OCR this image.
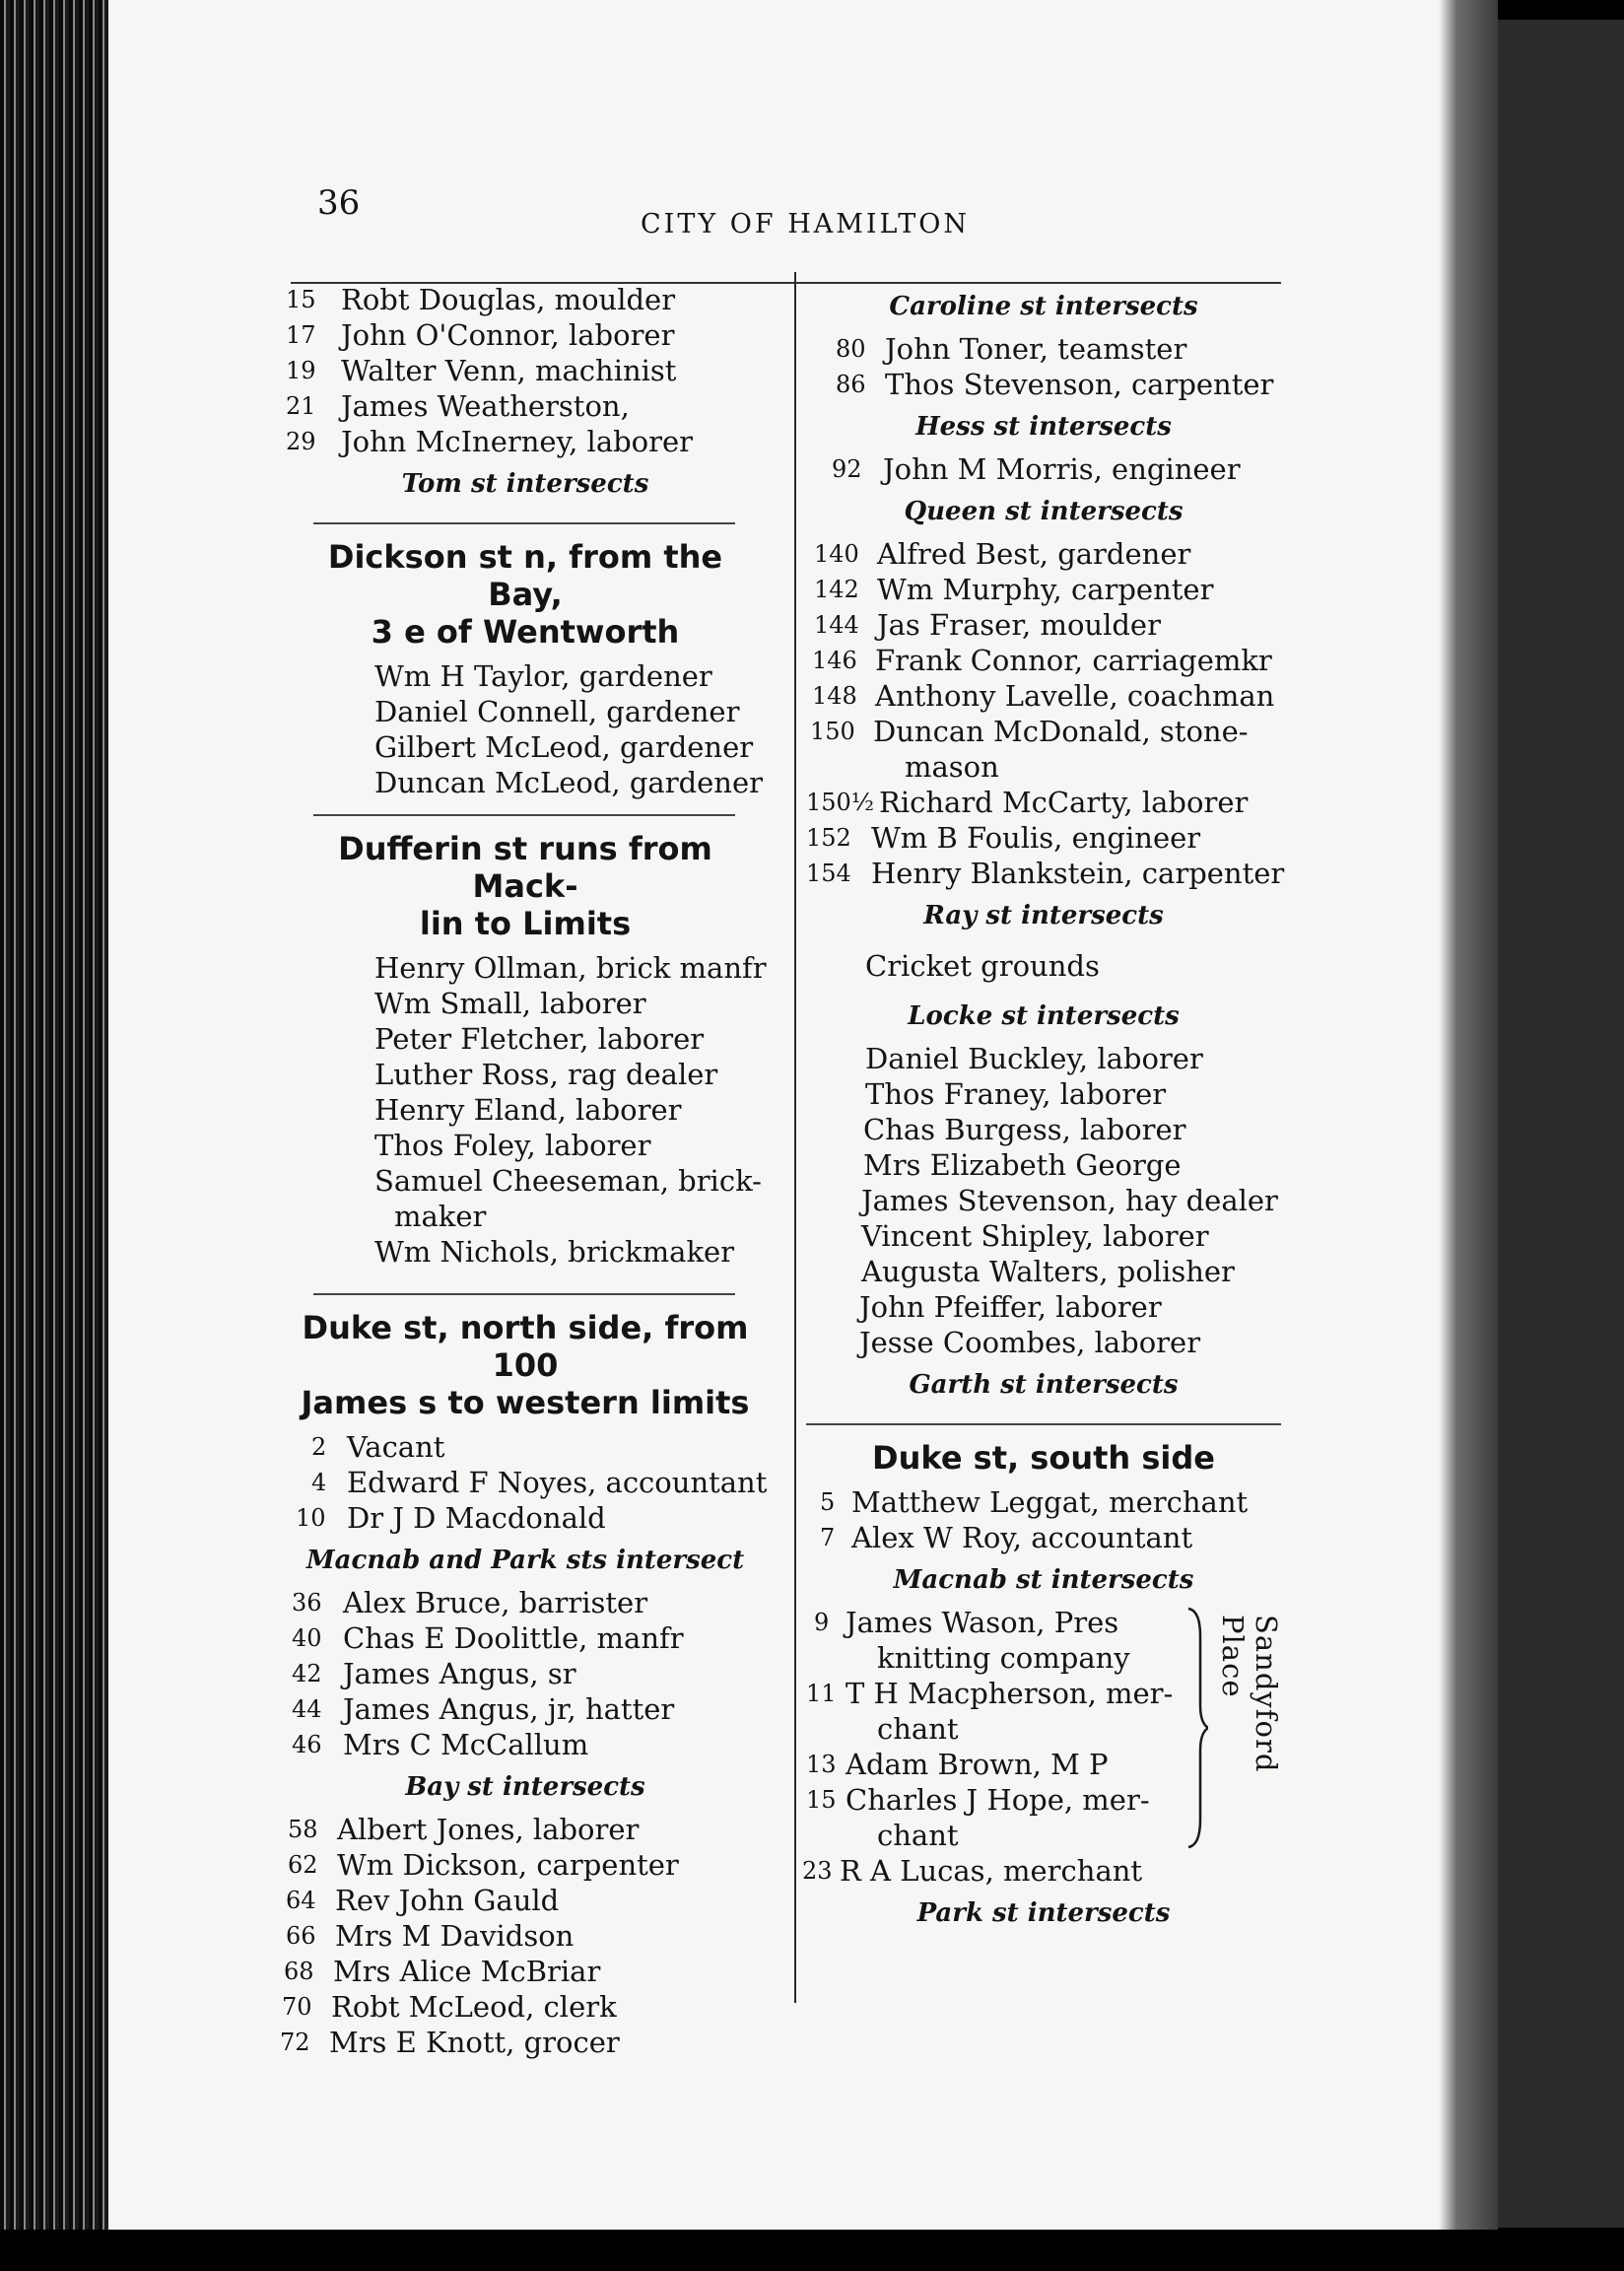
36
CITY OF HAMILTON
15 Robt Douglas, moulder
17 John O'Connor, laborer
19 Walter Venn, machinist
21 James Weatherston,
29 John McInerney, laborer
Tom st intersects
Dickson st n, from the Bay,
3 e of Wentworth
Wm H Taylor, gardener
Daniel Connell, gardener
Gilbert McLeod, gardener
Duncan McLeod, gardener
Dufferin st runs from Mack-
lin to Limits
Henry Ollman, brick manfr
Wm Small, laborer
Peter Fletcher, laborer
Luther Ross, rag dealer
Henry Eland, laborer
Thos Foley, laborer
Samuel Cheeseman, brick-
maker
Wm Nichols, brickmaker
Duke st, north side, from 100
James s to western limits
2 Vacant
4 Edward F Noyes, accountant
10 Dr J D Macdonald
Macnab and Park sts intersect
36 Alex Bruce, barrister
40 Chas E Doolittle, manfr
42 James Angus, sr
44 James Angus, jr, hatter
46 Mrs C McCallum
Bay st intersects
58 Albert Jones, laborer
62 Wm Dickson, carpenter
64 Rev John Gauld
66 Mrs M Davidson
68 Mrs Alice McBriar
70 Robt McLeod, clerk
72 Mrs E Knott, grocer
Caroline st intersects
80 John Toner, teamster
86 Thos Stevenson, carpenter
Hess st intersects
92 John M Morris, engineer
Queen st intersects
140 Alfred Best, gardener
142 Wm Murphy, carpenter
144 Jas Fraser, moulder
146 Frank Connor, carriagemkr
148 Anthony Lavelle, coachman
150 Duncan McDonald, stone-
mason
150½ Richard McCarty, laborer
152 Wm B Foulis, engineer
154 Henry Blankstein, carpenter
Ray st intersects
Cricket grounds
Locke st intersects
Daniel Buckley, laborer
Thos Franey, laborer
Chas Burgess, laborer
Mrs Elizabeth George
James Stevenson, hay dealer
Vincent Shipley, laborer
Augusta Walters, polisher
John Pfeiffer, laborer
Jesse Coombes, laborer
Garth st intersects
Duke st, south side
5 Matthew Leggat, merchant
7 Alex W Roy, accountant
Macnab st intersects
9 James Wason, Pres
knitting company
11 T H Macpherson, mer-
chant
13 Adam Brown, M P
15 Charles J Hope, mer-
chant
Sandyford Place
23 R A Lucas, merchant
Park st intersects
